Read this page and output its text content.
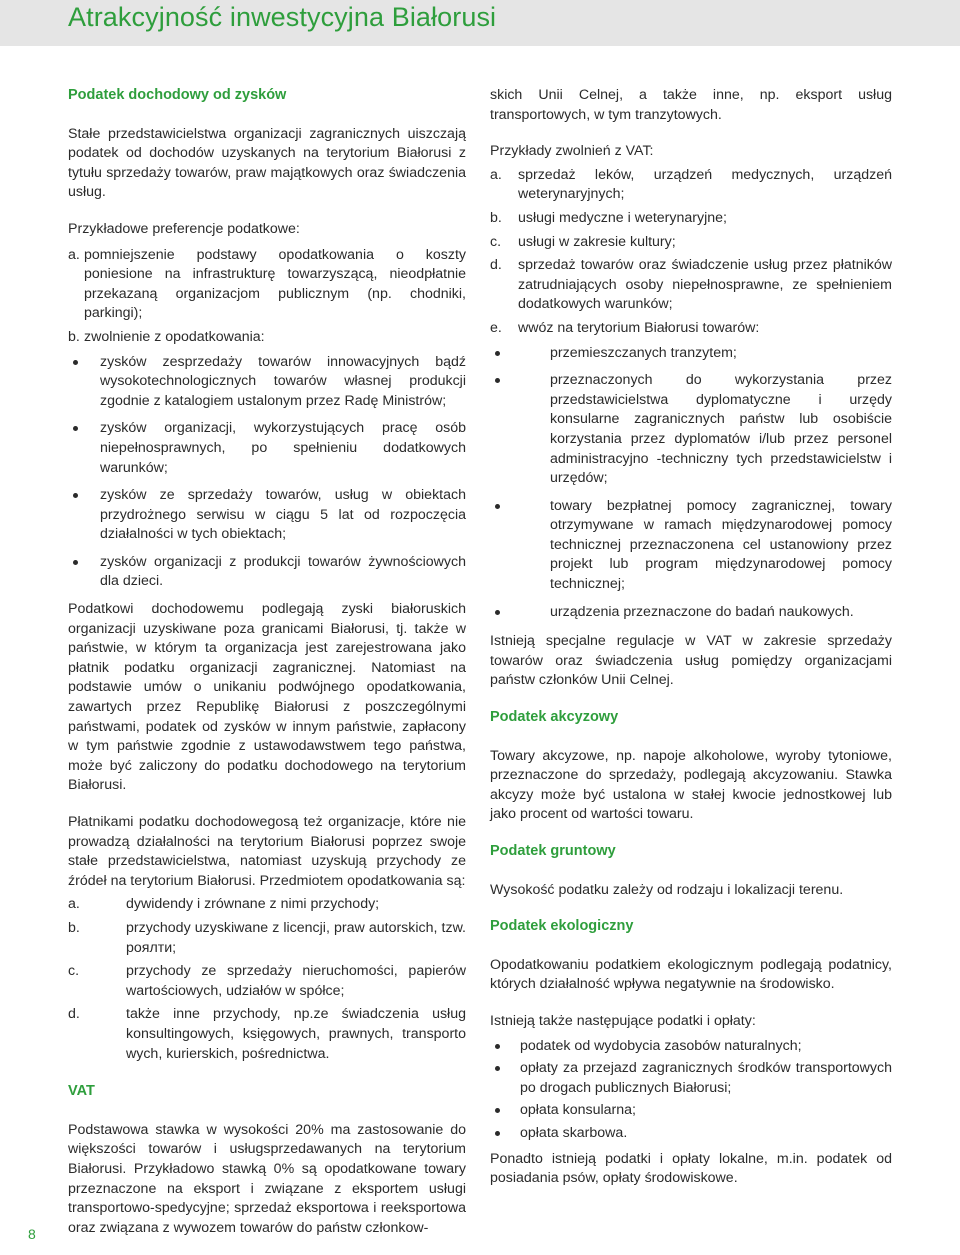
Atrakcyjność inwestycyjna Białorusi
Podatek dochodowy od zysków

Stałe przedstawicielstwa organizacji zagranicznych uiszczają podatek od dochodów uzyskanych na terytorium Białorusi z tytułu sprzedaży towarów, praw majątkowych oraz świadczenia usług.

Przykładowe preferencje podatkowe:

a. pomniejszenie podstawy opodatkowania o koszty poniesione na infrastrukturę towarzyszącą, nieodpłatnie przekazaną organizacjom publicznym (np. chodniki, parkingi);
b. zwolnienie z opodatkowania:
zysków zesprzedaży towarów innowacyjnych bądź wysokotechnologicznych towarów własnej produkcji zgodnie z katalogiem ustalonym przez Radę Ministrów;
zysków organizacji, wykorzystujących pracę osób niepełnosprawnych, po spełnieniu dodatkowych warunków;
zysków ze sprzedaży towarów, usług w obiektach przydrożnego serwisu w ciągu 5 lat od rozpoczęcia działalności w tych obiektach;
zysków organizacji z produkcji towarów żywnościowych dla dzieci.

Podatkowi dochodowemu podlegają zyski białoruskich organizacji uzyskiwane poza granicami Białorusi, tj. także w państwie, w którym ta organizacja jest zarejestrowana jako płatnik podatku organizacji zagranicznej. Natomiast na podstawie umów o unikaniu podwójnego opodatkowania, zawartych przez Republikę Białorusi z poszczególnymi państwami, podatek od zysków w innym państwie, zapłacony w tym państwie zgodnie z ustawodawstwem tego państwa, może być zaliczony do podatku dochodowego na terytorium Białorusi.

Płatnikami podatku dochodowegosą też organizacje, które nie prowadzą działalności na terytorium Białorusi poprzez swoje stałe przedstawicielstwa, natomiast uzyskują przychody ze źródeł na terytorium Białorusi. Przedmiotem opodatkowania są:

a.	dywidendy i zrównane z nimi przychody;
b.	przychody uzyskiwane z licencji, praw autorskich, tzw. роялти;
c.	przychody ze sprzedaży nieruchomości, papierów wartościowych, udziałów w spółce;
d.	także inne przychody, np.ze świadczenia usług konsultingowych, księgowych, prawnych, transporto wych, kurierskich, pośrednictwa.
VAT

Podstawowa stawka w wysokości 20% ma zastosowanie do większości towarów i usługsprzedawanych na terytorium Białorusi. Przykładowo stawką 0% są opodatkowane towary przeznaczone na eksport i związane z eksportem usługi transportowo-spedycyjne; sprzedaż eksportowa i reeksportowa oraz związana z wywozem towarów do państw członkow-

skich Unii Celnej, a także inne, np. eksport usług transportowych, w tym tranzytowych.

Przykłady zwolnień z VAT:

a.	sprzedaż leków, urządzeń medycznych, urządzeń weterynaryjnych;
b.	usługi medyczne i weterynaryjne;
c.	usługi w zakresie kultury;
d.	sprzedaż towarów oraz świadczenie usług przez płatników zatrudniających osoby niepełnosprawne, ze spełnieniem dodatkowych warunków;
e.	wwóz na terytorium Białorusi towarów:
przemieszczanych tranzytem;
przeznaczonych do wykorzystania przez przedstawicielstwa dyplomatyczne i urzędy konsularne zagranicznych państw lub osobiście korzystania przez dyplomatów i/lub przez personel administracyjno -techniczny tych przedstawicielstw i urzędów;
towary bezpłatnej pomocy zagranicznej, towary otrzymywane w ramach międzynarodowej pomocy technicznej przeznaczonena cel ustanowiony przez projekt lub program międzynarodowej pomocy technicznej;
urządzenia przeznaczone do badań naukowych.

Istnieją specjalne regulacje w VAT w zakresie sprzedaży towarów oraz świadczenia usług pomiędzy organizacjami państw członków Unii Celnej.

Podatek akcyzowy

Towary akcyzowe, np. napoje alkoholowe, wyroby tytoniowe, przeznaczone do sprzedaży, podlegają akcyzowaniu. Stawka akcyzy może być ustalona w stałej kwocie jednostkowej lub jako procent od wartości towaru.

Podatek gruntowy

Wysokość podatku zależy od rodzaju i lokalizacji terenu.

Podatek ekologiczny

Opodatkowaniu podatkiem ekologicznym podlegają podatnicy, których działalność wpływa negatywnie na środowisko.

Istnieją także następujące podatki i opłaty:

podatek od wydobycia zasobów naturalnych;
opłaty za przejazd zagranicznych środków transportowych po drogach publicznych Białorusi;
opłata konsularna;
opłata skarbowa.

Ponadto istnieją podatki i opłaty lokalne, m.in. podatek od posiadania psów, opłaty środowiskowe.

8
